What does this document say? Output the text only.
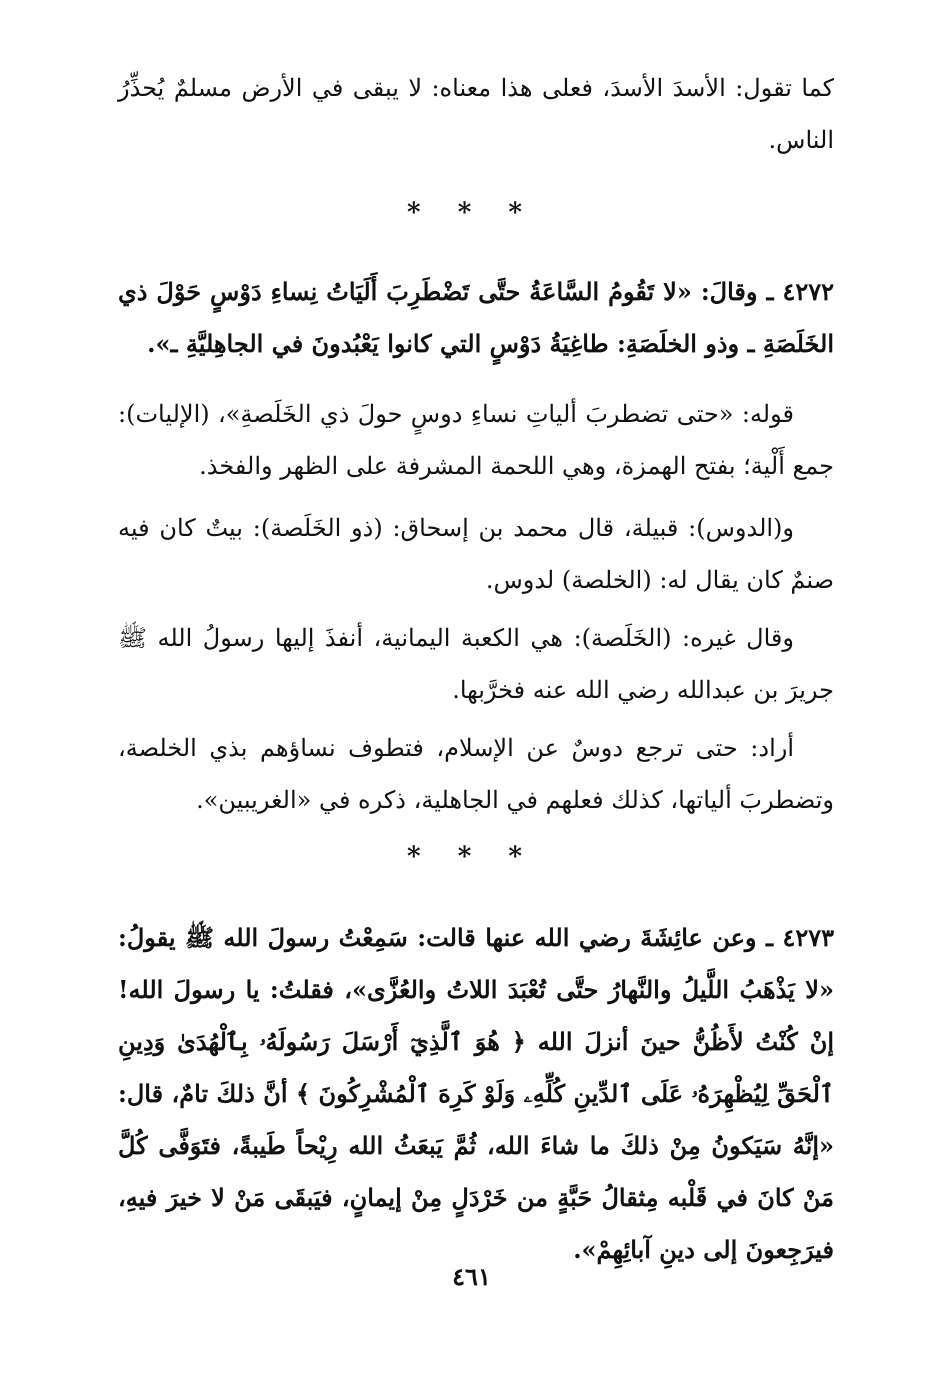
كما تقول: الأسدَ الأسدَ، فعلى هذا معناه: لا يبقى في الأرض مسلمٌ يُحذِّرُ الناس.

* * *

٤٢٧٢ ـ وقالَ: «لا تَقُومُ السَّاعَةُ حتَّى تَضْطَرِبَ أَلَيَاتُ نِساءِ دَوْسٍ حَوْلَ ذي الخَلَصَةِ ـ وذو الخلَصَةِ: طاغِيَةُ دَوْسٍ التي كانوا يَعْبُدونَ في الجاهِليَّةِ ـ».

قوله: «حتى تضطربَ ألياتِ نساءِ دوسٍ حولَ ذي الخَلَصةِ»، (الإليات): جمع أَلْية؛ بفتح الهمزة، وهي اللحمة المشرفة على الظهر والفخذ.

و(الدوس): قبيلة، قال محمد بن إسحاق: (ذو الخَلَصة): بيتٌ كان فيه صنمٌ كان يقال له: (الخلصة) لدوس.

وقال غيره: (الخَلَصة): هي الكعبة اليمانية، أنفذَ إليها رسولُ الله ﷺ جريرَ بن عبدالله رضي الله عنه فخرَّبها.

أراد: حتى ترجع دوسٌ عن الإسلام، فتطوف نساؤهم بذي الخلصة، وتضطربَ ألياتها، كذلك فعلهم في الجاهلية، ذكره في «الغريبين».

* * *

٤٢٧٣ ـ وعن عائِشَةَ رضي الله عنها قالت: سَمِعْتُ رسولَ الله ﷺ يقولُ: «لا يَذْهَبُ اللَّيلُ والنَّهارُ حتَّى تُعْبَدَ اللاتُ والعُزَّى»، فقلتُ: يا رسولَ الله! إنْ كُنْتُ لأَظُنُّ حينَ أنزلَ الله ﴿ هُوَ ٱلَّذِيٓ أَرْسَلَ رَسُولَهُۥ بِٱلْهُدَىٰ وَدِينِ ٱلْحَقِّ لِيُظْهِرَهُۥ عَلَى ٱلدِّينِ كُلِّهِۦ وَلَوْ كَرِهَ ٱلْمُشْرِكُونَ ﴾ أنَّ ذلكَ تامٌ، قال: «إنَّهُ سَيَكونُ مِنْ ذلكَ ما شاءَ الله، ثُمَّ يَبعَثُ الله رِيْحاً طَيبةً، فتَوَفَّى كُلَّ مَنْ كانَ في قَلْبه مِثقالُ حَبَّةٍ من خَرْدَلٍ مِنْ إيمانٍ، فيَبقَى مَنْ لا خيرَ فيهِ، فيرَجِعونَ إلى دينِ آبائِهِمْ».

٤٦١
